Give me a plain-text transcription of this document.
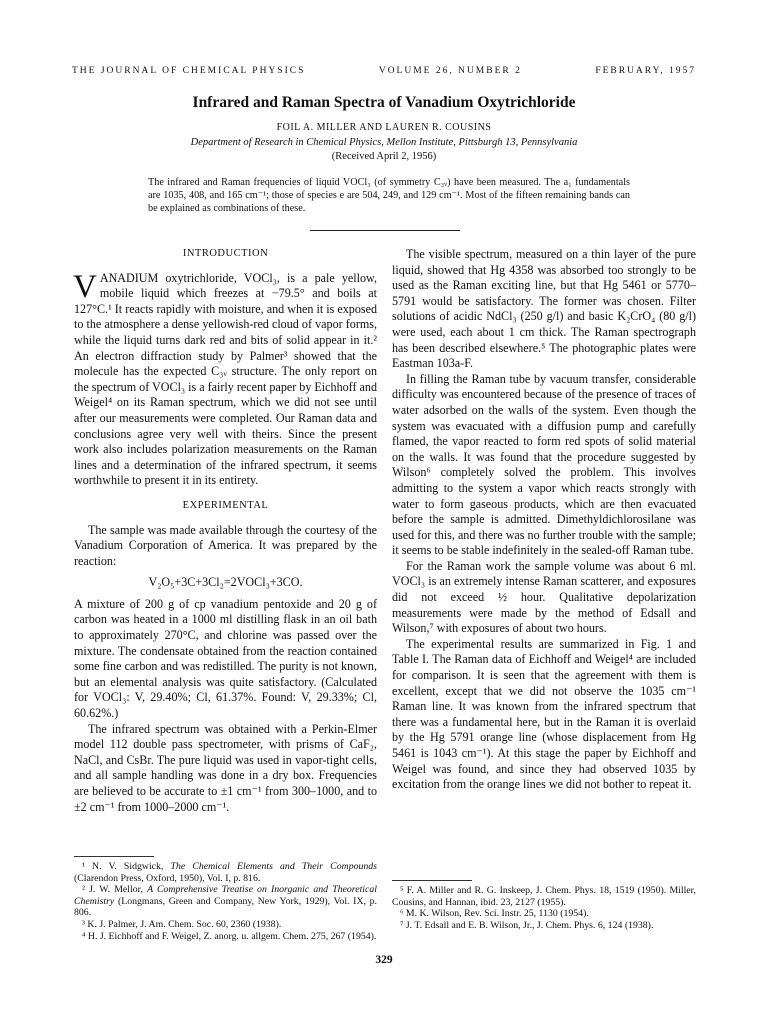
THE JOURNAL OF CHEMICAL PHYSICS	VOLUME 26, NUMBER 2	FEBRUARY, 1957
Infrared and Raman Spectra of Vanadium Oxytrichloride
FOIL A. MILLER AND LAUREN R. COUSINS
Department of Research in Chemical Physics, Mellon Institute, Pittsburgh 13, Pennsylvania
(Received April 2, 1956)
The infrared and Raman frequencies of liquid VOCl₃ (of symmetry C₃ᵥ) have been measured. The a₁ fundamentals are 1035, 408, and 165 cm⁻¹; those of species e are 504, 249, and 129 cm⁻¹. Most of the fifteen remaining bands can be explained as combinations of these.
INTRODUCTION

VANADIUM oxytrichloride, VOCl₃, is a pale yellow, mobile liquid which freezes at −79.5° and boils at 127°C.¹ It reacts rapidly with moisture, and when it is exposed to the atmosphere a dense yellowish-red cloud of vapor forms, while the liquid turns dark red and bits of solid appear in it.² An electron diffraction study by Palmer³ showed that the molecule has the expected C₃ᵥ structure. The only report on the spectrum of VOCl₃ is a fairly recent paper by Eichhoff and Weigel⁴ on its Raman spectrum, which we did not see until after our measurements were completed. Our Raman data and conclusions agree very well with theirs. Since the present work also includes polarization measurements on the Raman lines and a determination of the infrared spectrum, it seems worthwhile to present it in its entirety.

EXPERIMENTAL

The sample was made available through the courtesy of the Vanadium Corporation of America. It was prepared by the reaction:

V₂O₅+3C+3Cl₂=2VOCl₃+3CO.

A mixture of 200 g of cp vanadium pentoxide and 20 g of carbon was heated in a 1000 ml distilling flask in an oil bath to approximately 270°C, and chlorine was passed over the mixture. The condensate obtained from the reaction contained some fine carbon and was redistilled. The purity is not known, but an elemental analysis was quite satisfactory. (Calculated for VOCl₃: V, 29.40%; Cl, 61.37%. Found: V, 29.33%; Cl, 60.62%.)

The infrared spectrum was obtained with a Perkin-Elmer model 112 double pass spectrometer, with prisms of CaF₂, NaCl, and CsBr. The pure liquid was used in vapor-tight cells, and all sample handling was done in a dry box. Frequencies are believed to be accurate to ±1 cm⁻¹ from 300–1000, and to ±2 cm⁻¹ from 1000–2000 cm⁻¹.

The visible spectrum, measured on a thin layer of the pure liquid, showed that Hg 4358 was absorbed too strongly to be used as the Raman exciting line, but that Hg 5461 or 5770–5791 would be satisfactory. The former was chosen. Filter solutions of acidic NdCl₃ (250 g/l) and basic K₂CrO₄ (80 g/l) were used, each about 1 cm thick. The Raman spectrograph has been described elsewhere.⁵ The photographic plates were Eastman 103a-F.

In filling the Raman tube by vacuum transfer, considerable difficulty was encountered because of the presence of traces of water adsorbed on the walls of the system. Even though the system was evacuated with a diffusion pump and carefully flamed, the vapor reacted to form red spots of solid material on the walls. It was found that the procedure suggested by Wilson⁶ completely solved the problem. This involves admitting to the system a vapor which reacts strongly with water to form gaseous products, which are then evacuated before the sample is admitted. Dimethyldichlorosilane was used for this, and there was no further trouble with the sample; it seems to be stable indefinitely in the sealed-off Raman tube.

For the Raman work the sample volume was about 6 ml. VOCl₃ is an extremely intense Raman scatterer, and exposures did not exceed ½ hour. Qualitative depolarization measurements were made by the method of Edsall and Wilson,⁷ with exposures of about two hours.

The experimental results are summarized in Fig. 1 and Table I. The Raman data of Eichhoff and Weigel⁴ are included for comparison. It is seen that the agreement with them is excellent, except that we did not observe the 1035 cm⁻¹ Raman line. It was known from the infrared spectrum that there was a fundamental here, but in the Raman it is overlaid by the Hg 5791 orange line (whose displacement from Hg 5461 is 1043 cm⁻¹). At this stage the paper by Eichhoff and Weigel was found, and since they had observed 1035 by excitation from the orange lines we did not bother to repeat it.

¹ N. V. Sidgwick, The Chemical Elements and Their Compounds (Clarendon Press, Oxford, 1950), Vol. I, p. 816.

² J. W. Mellor, A Comprehensive Treatise on Inorganic and Theoretical Chemistry (Longmans, Green and Company, New York, 1929), Vol. IX, p. 806.

³ K. J. Palmer, J. Am. Chem. Soc. 60, 2360 (1938).

⁴ H. J. Eichhoff and F. Weigel, Z. anorg. u. allgem. Chem. 275, 267 (1954).

⁵ F. A. Miller and R. G. Inskeep, J. Chem. Phys. 18, 1519 (1950). Miller, Cousins, and Hannan, ibid. 23, 2127 (1955).

⁶ M. K. Wilson, Rev. Sci. Instr. 25, 1130 (1954).

⁷ J. T. Edsall and E. B. Wilson, Jr., J. Chem. Phys. 6, 124 (1938).

329
